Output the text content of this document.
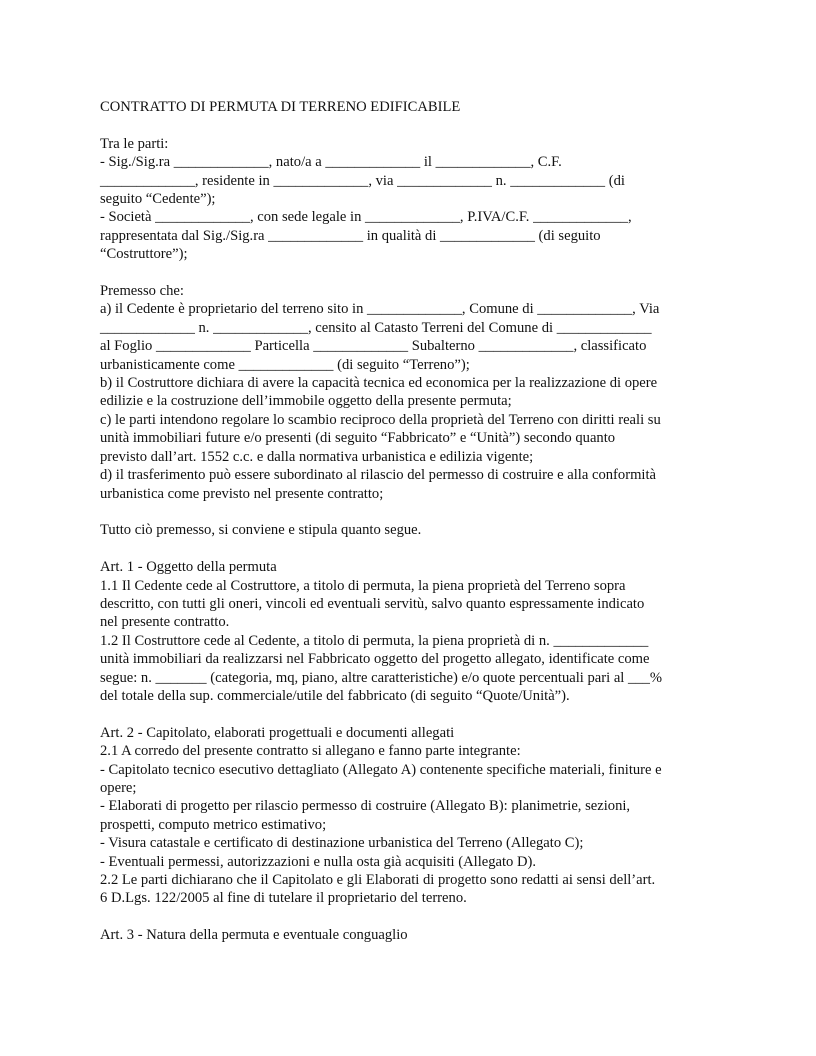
CONTRATTO DI PERMUTA DI TERRENO EDIFICABILE

Tra le parti:
- Sig./Sig.ra _____________, nato/a a _____________ il _____________, C.F.
_____________, residente in _____________, via _____________ n. _____________ (di
seguito “Cedente”);
- Società _____________, con sede legale in _____________, P.IVA/C.F. _____________,
rappresentata dal Sig./Sig.ra _____________ in qualità di _____________ (di seguito
“Costruttore”);
Premesso che:
a) il Cedente è proprietario del terreno sito in _____________, Comune di _____________, Via
_____________ n. _____________, censito al Catasto Terreni del Comune di _____________
al Foglio _____________ Particella _____________ Subalterno _____________, classificato
urbanisticamente come _____________ (di seguito “Terreno”);
b) il Costruttore dichiara di avere la capacità tecnica ed economica per la realizzazione di opere
edilizie e la costruzione dell’immobile oggetto della presente permuta;
c) le parti intendono regolare lo scambio reciproco della proprietà del Terreno con diritti reali su
unità immobiliari future e/o presenti (di seguito “Fabbricato” e “Unità”) secondo quanto
previsto dall’art. 1552 c.c. e dalla normativa urbanistica e edilizia vigente;
d) il trasferimento può essere subordinato al rilascio del permesso di costruire e alla conformità
urbanistica come previsto nel presente contratto;

Tutto ciò premesso, si conviene e stipula quanto segue.

Art. 1 - Oggetto della permuta
1.1 Il Cedente cede al Costruttore, a titolo di permuta, la piena proprietà del Terreno sopra
descritto, con tutti gli oneri, vincoli ed eventuali servitù, salvo quanto espressamente indicato
nel presente contratto.
1.2 Il Costruttore cede al Cedente, a titolo di permuta, la piena proprietà di n. _____________
unità immobiliari da realizzarsi nel Fabbricato oggetto del progetto allegato, identificate come
segue: n. _______ (categoria, mq, piano, altre caratteristiche) e/o quote percentuali pari al ___%
del totale della sup. commerciale/utile del fabbricato (di seguito “Quote/Unità”).
Art. 2 - Capitolato, elaborati progettuali e documenti allegati
2.1 A corredo del presente contratto si allegano e fanno parte integrante:
- Capitolato tecnico esecutivo dettagliato (Allegato A) contenente specifiche materiali, finiture e
opere;
- Elaborati di progetto per rilascio permesso di costruire (Allegato B): planimetrie, sezioni,
prospetti, computo metrico estimativo;
- Visura catastale e certificato di destinazione urbanistica del Terreno (Allegato C);
- Eventuali permessi, autorizzazioni e nulla osta già acquisiti (Allegato D).
2.2 Le parti dichiarano che il Capitolato e gli Elaborati di progetto sono redatti ai sensi dell’art.
6 D.Lgs. 122/2005 al fine di tutelare il proprietario del terreno.
Art. 3 - Natura della permuta e eventuale conguaglio
